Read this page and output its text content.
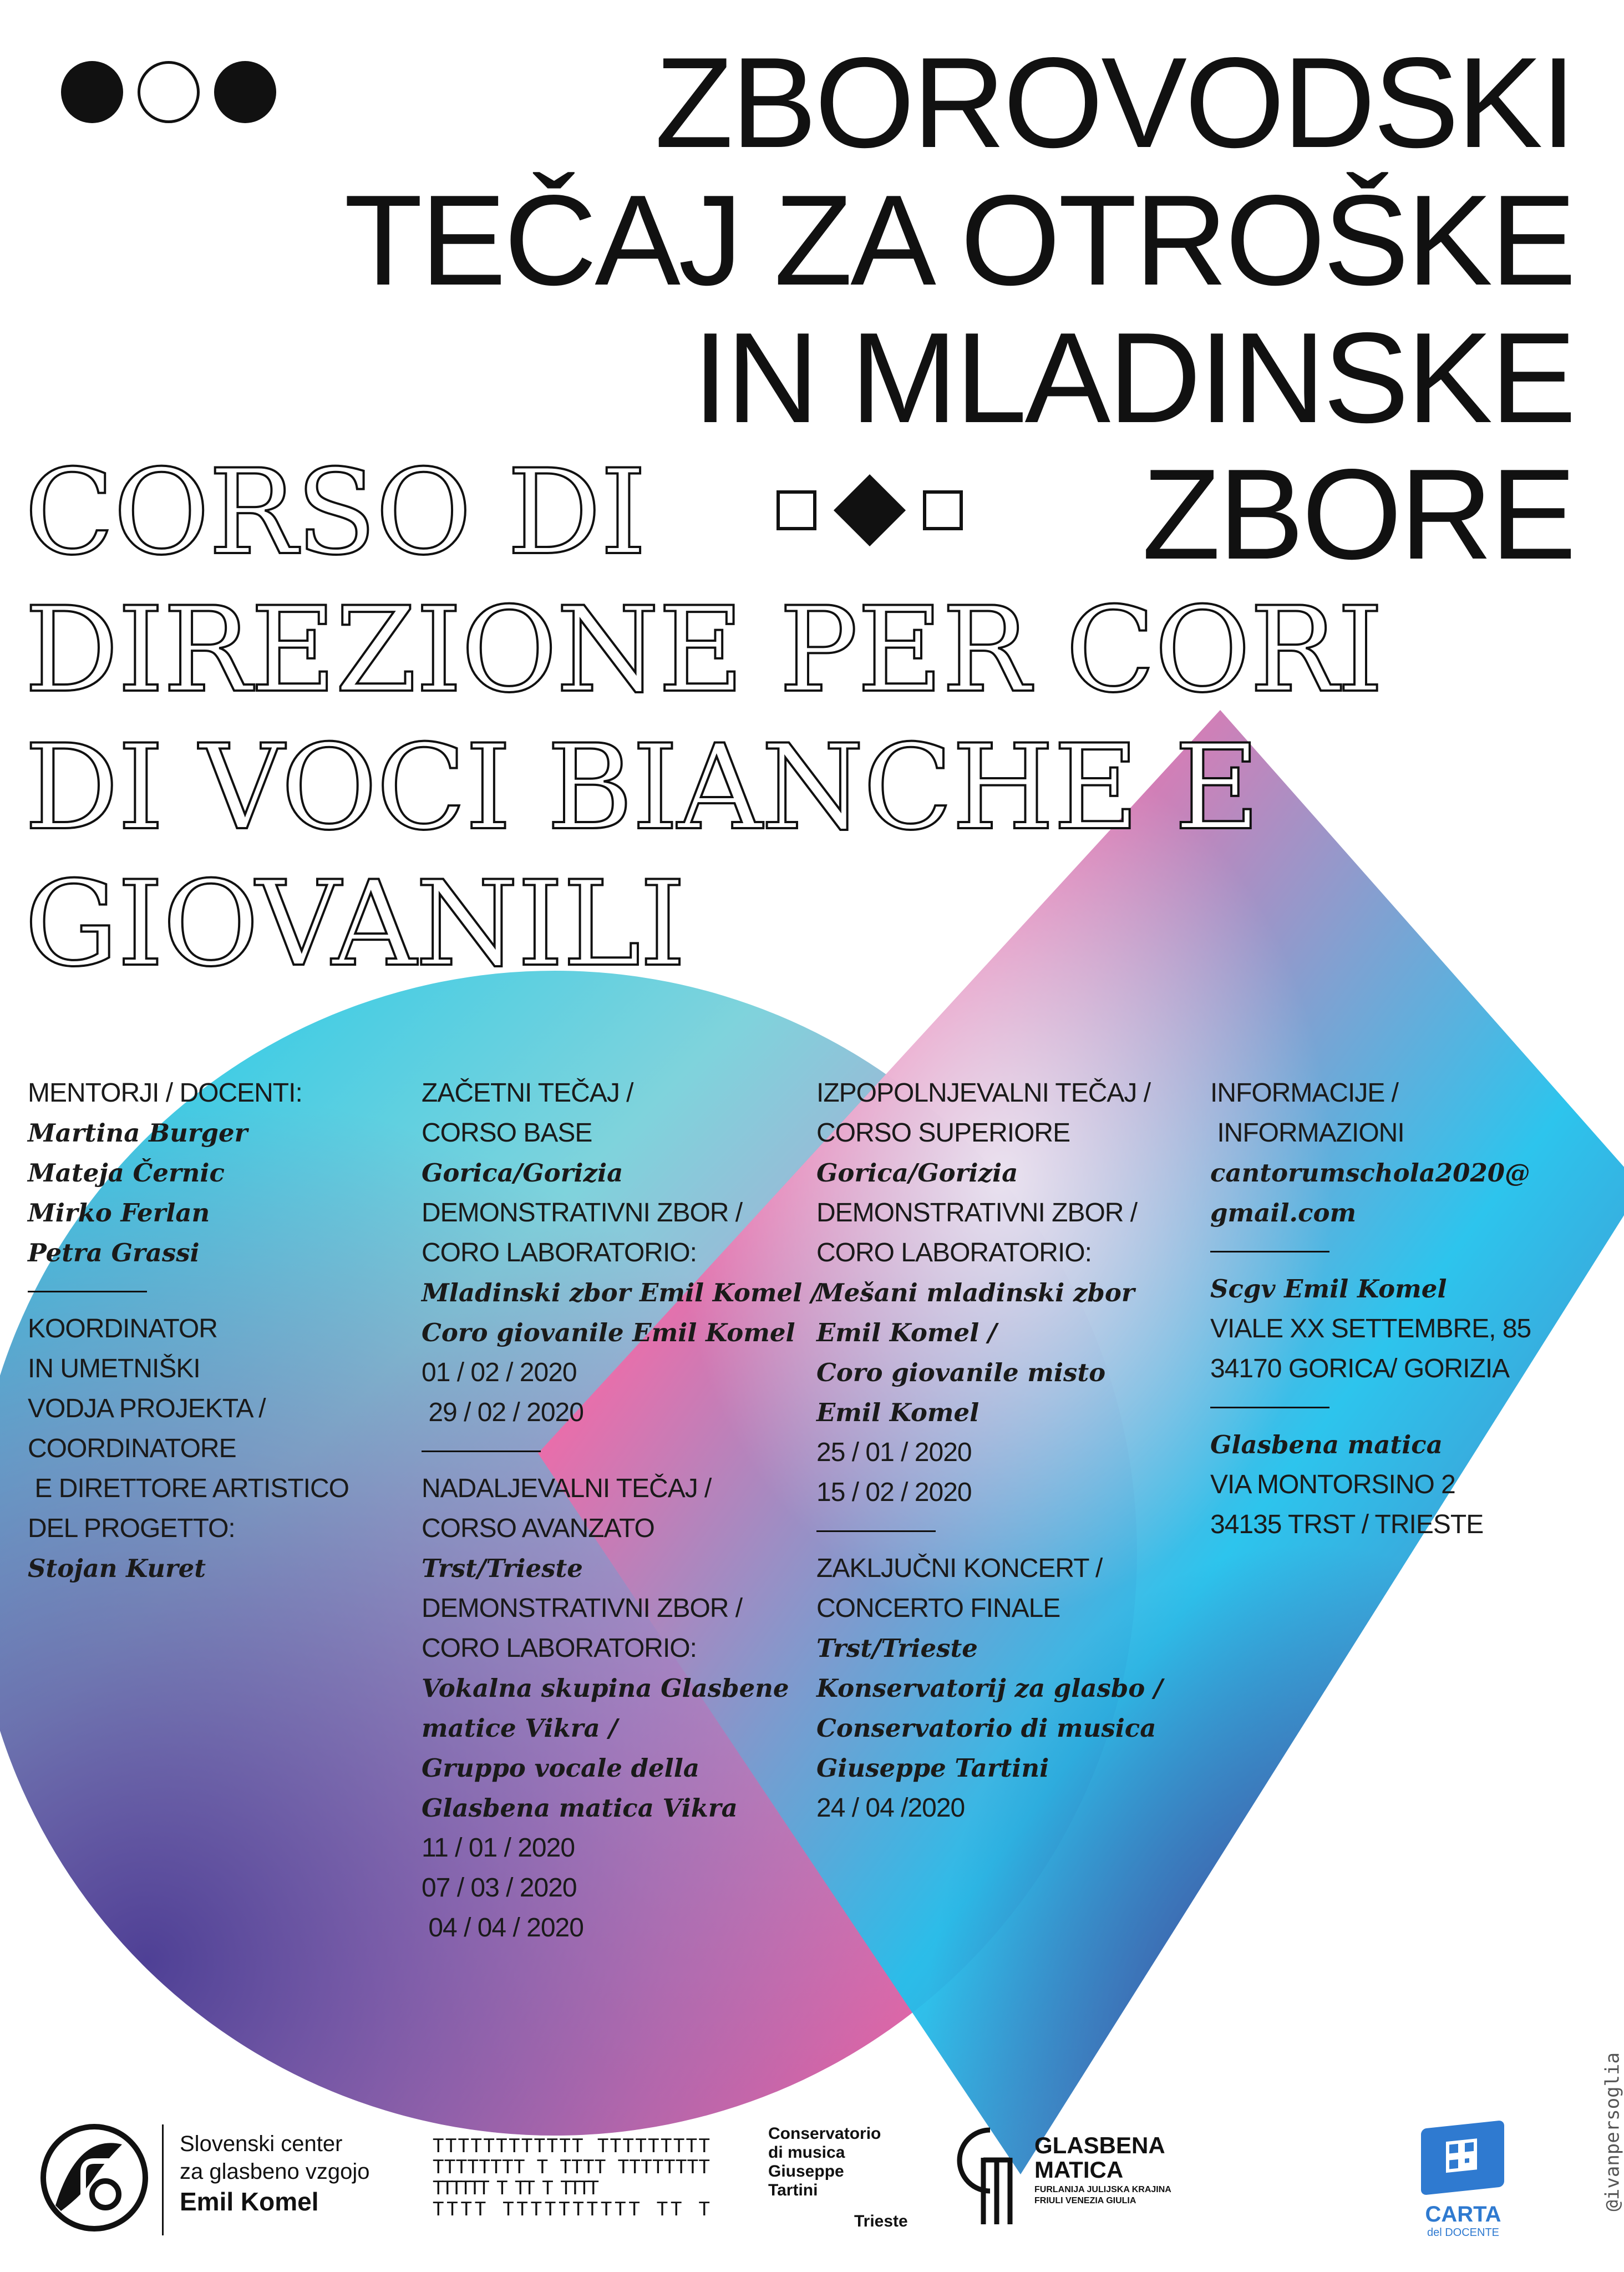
ZBOROVODSKI
TEČAJ ZA OTROŠKE
IN MLADINSKE
ZBORE
CORSO DI
DIREZIONE PER CORI
DI VOCI BIANCHE E
GIOVANILI
MENTORJI / DOCENTI:
Martina Burger
Mateja Černic
Mirko Ferlan
Petra Grassi
KOORDINATOR
IN UMETNIŠKI
VODJA PROJEKTA /
COORDINATORE
E DIRETTORE ARTISTICO
DEL PROGETTO:
Stojan Kuret
ZAČETNI TEČAJ /
CORSO BASE
Gorica/Gorizia
DEMONSTRATIVNI ZBOR /
CORO LABORATORIO:
Mladinski zbor Emil Komel /
Coro giovanile Emil Komel
01 / 02 / 2020
29 / 02 / 2020
NADALJEVALNI TEČAJ /
CORSO AVANZATO
Trst/Trieste
DEMONSTRATIVNI ZBOR /
CORO LABORATORIO:
Vokalna skupina Glasbene
matice Vikra /
Gruppo vocale della
Glasbena matica Vikra
11 / 01 / 2020
07 / 03 / 2020
04 / 04 / 2020
IZPOPOLNJEVALNI TEČAJ /
CORSO SUPERIORE
Gorica/Gorizia
DEMONSTRATIVNI ZBOR /
CORO LABORATORIO:
Mešani mladinski zbor
Emil Komel /
Coro giovanile misto
Emil Komel
25 / 01 / 2020
15 / 02 / 2020
ZAKLJUČNI KONCERT /
CONCERTO FINALE
Trst/Trieste
Konservatorij za glasbo /
Conservatorio di musica
Giuseppe Tartini
24 / 04 /2020
INFORMACIJE /
INFORMAZIONI
cantorumschola2020@
gmail.com
Scgv Emil Komel
VIALE XX SETTEMBRE, 85
34170 GORICA/ GORIZIA
Glasbena matica
VIA MONTORSINO 2
34135 TRST / TRIESTE
@ivanpersoglia
Slovenski center
za glasbeno vzgojo
Emil Komel
TTTTTTTTTTTT TTTTTTTTT
TTTTTTTT T TTTT TTTTTTTT
TTTTTT T TT T TTTT
TTTT TTTTTTTTTT TT T
Conservatorio
di musica
Giuseppe
Tartini
Trieste
GLASBENA
MATICA
FURLANIJA JULIJSKA KRAJINA
FRIULI VENEZIA GIULIA
CARTA
del DOCENTE
